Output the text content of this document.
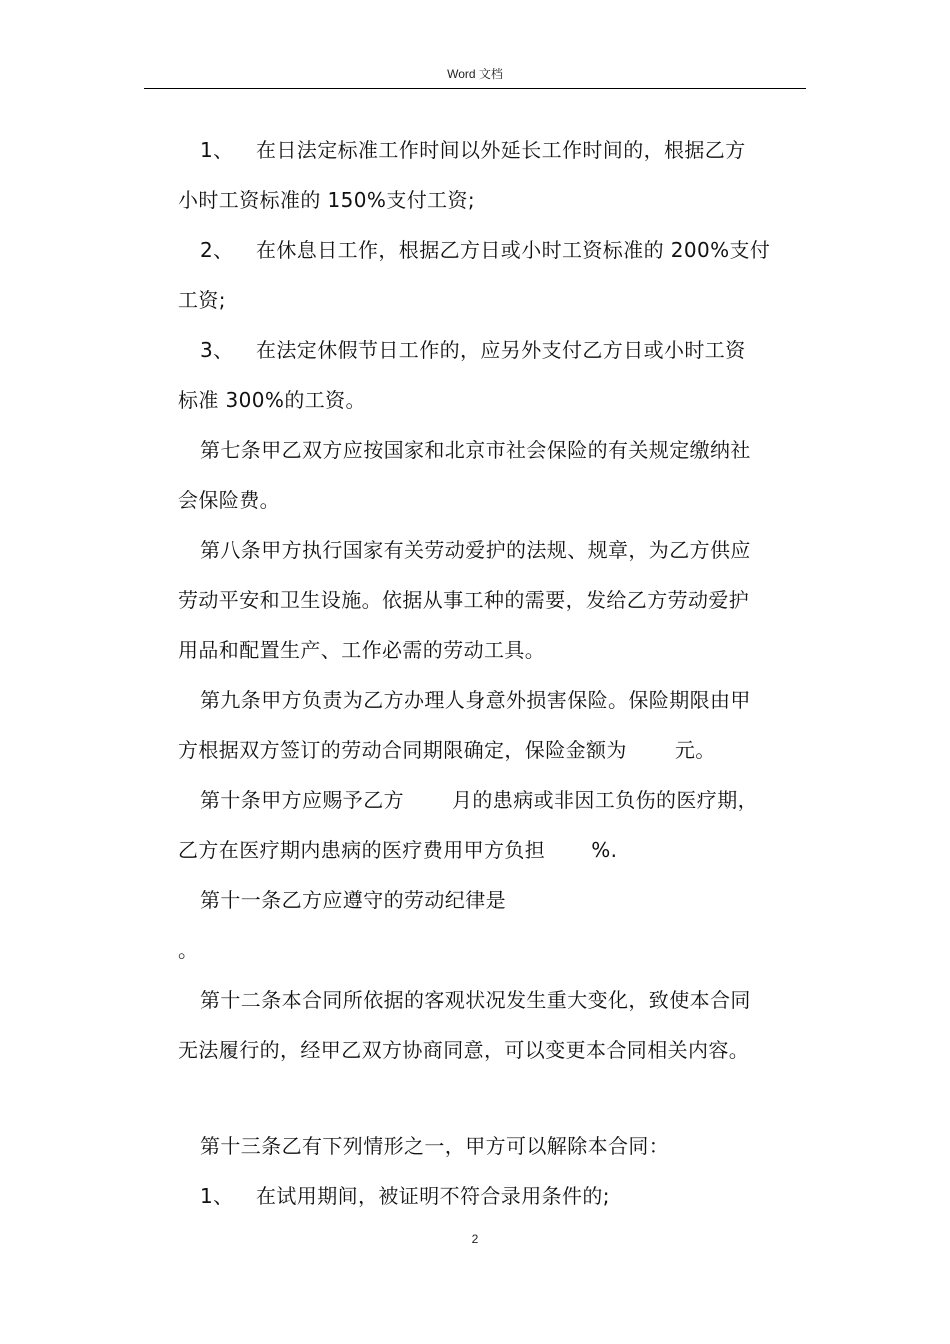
Word 文档
1、 在日法定标准工作时间以外延长工作时间的，根据乙方
小时工资标准的 150%支付工资;
2、 在休息日工作，根据乙方日或小时工资标准的 200%支付
工资;
3、 在法定休假节日工作的，应另外支付乙方日或小时工资
标准 300%的工资。
第七条甲乙双方应按国家和北京市社会保险的有关规定缴纳社
会保险费。
第八条甲方执行国家有关劳动爱护的法规、规章，为乙方供应
劳动平安和卫生设施。依据从事工种的需要，发给乙方劳动爱护
用品和配置生产、工作必需的劳动工具。
第九条甲方负责为乙方办理人身意外损害保险。保险期限由甲
方根据双方签订的劳动合同期限确定，保险金额为 元。
第十条甲方应赐予乙方 月的患病或非因工负伤的医疗期，
乙方在医疗期内患病的医疗费用甲方负担 %.
第十一条乙方应遵守的劳动纪律是
。
第十二条本合同所依据的客观状况发生重大变化，致使本合同
无法履行的，经甲乙双方协商同意，可以变更本合同相关内容。
第十三条乙有下列情形之一，甲方可以解除本合同：
1、 在试用期间，被证明不符合录用条件的;
2
